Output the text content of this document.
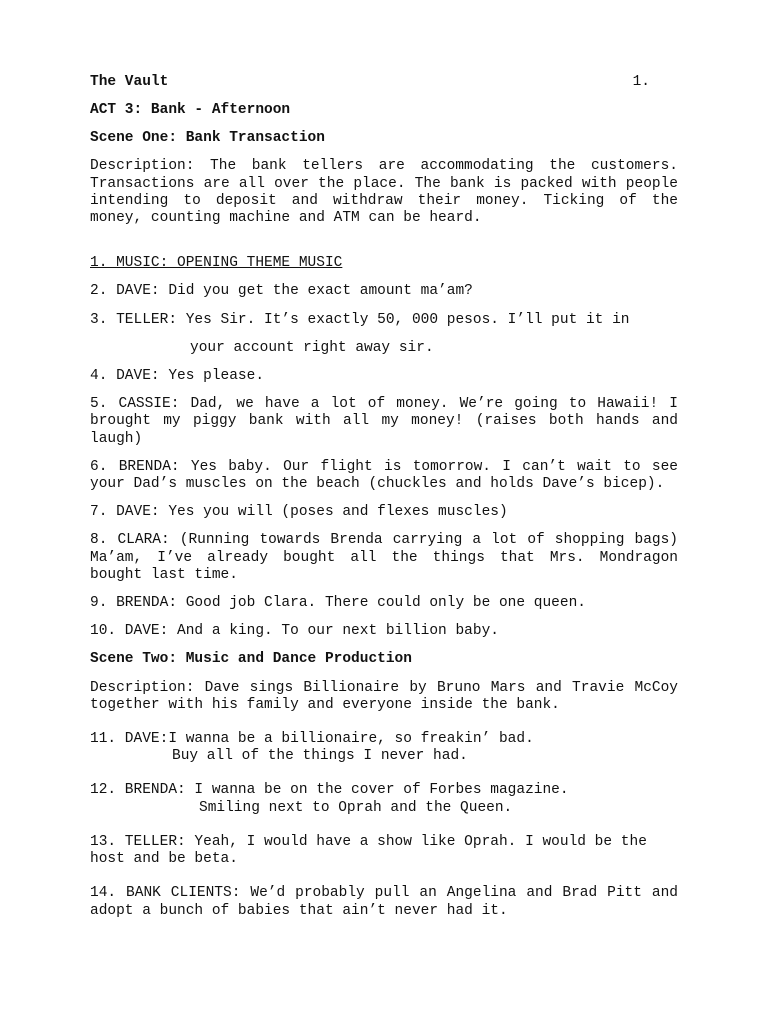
The Vault	1.

ACT 3: Bank - Afternoon

Scene One: Bank Transaction

Description: The bank tellers are accommodating the customers. Transactions are all over the place. The bank is packed with people intending to deposit and withdraw their money. Ticking of the money, counting machine and ATM can be heard.

1. MUSIC: OPENING THEME MUSIC

2. DAVE: Did you get the exact amount ma’am?

3. TELLER: Yes Sir. It’s exactly 50, 000 pesos. I’ll put it in

your account right away sir.

4. DAVE: Yes please.

5. CASSIE: Dad, we have a lot of money. We’re going to Hawaii! I brought my piggy bank with all my money! (raises both hands and laugh)

6. BRENDA: Yes baby. Our flight is tomorrow. I can’t wait to see your Dad’s muscles on the beach (chuckles and holds Dave’s bicep).

7. DAVE: Yes you will (poses and flexes muscles)

8. CLARA: (Running towards Brenda carrying a lot of shopping bags) Ma’am, I’ve already bought all the things that Mrs. Mondragon bought last time.

9. BRENDA: Good job Clara. There could only be one queen.

10. DAVE: And a king. To our next billion baby.

Scene Two: Music and Dance Production

Description: Dave sings Billionaire by Bruno Mars and Travie McCoy together with his family and everyone inside the bank.

11. DAVE:I wanna be a billionaire, so freakin’ bad.

Buy all of the things I never had.

12. BRENDA: I wanna be on the cover of Forbes magazine.

Smiling next to Oprah and the Queen.

13. TELLER: Yeah, I would have a show like Oprah. I would be the host and be beta.

14. BANK CLIENTS: We’d probably pull an Angelina and Brad Pitt and adopt a bunch of babies that ain’t never had it.
